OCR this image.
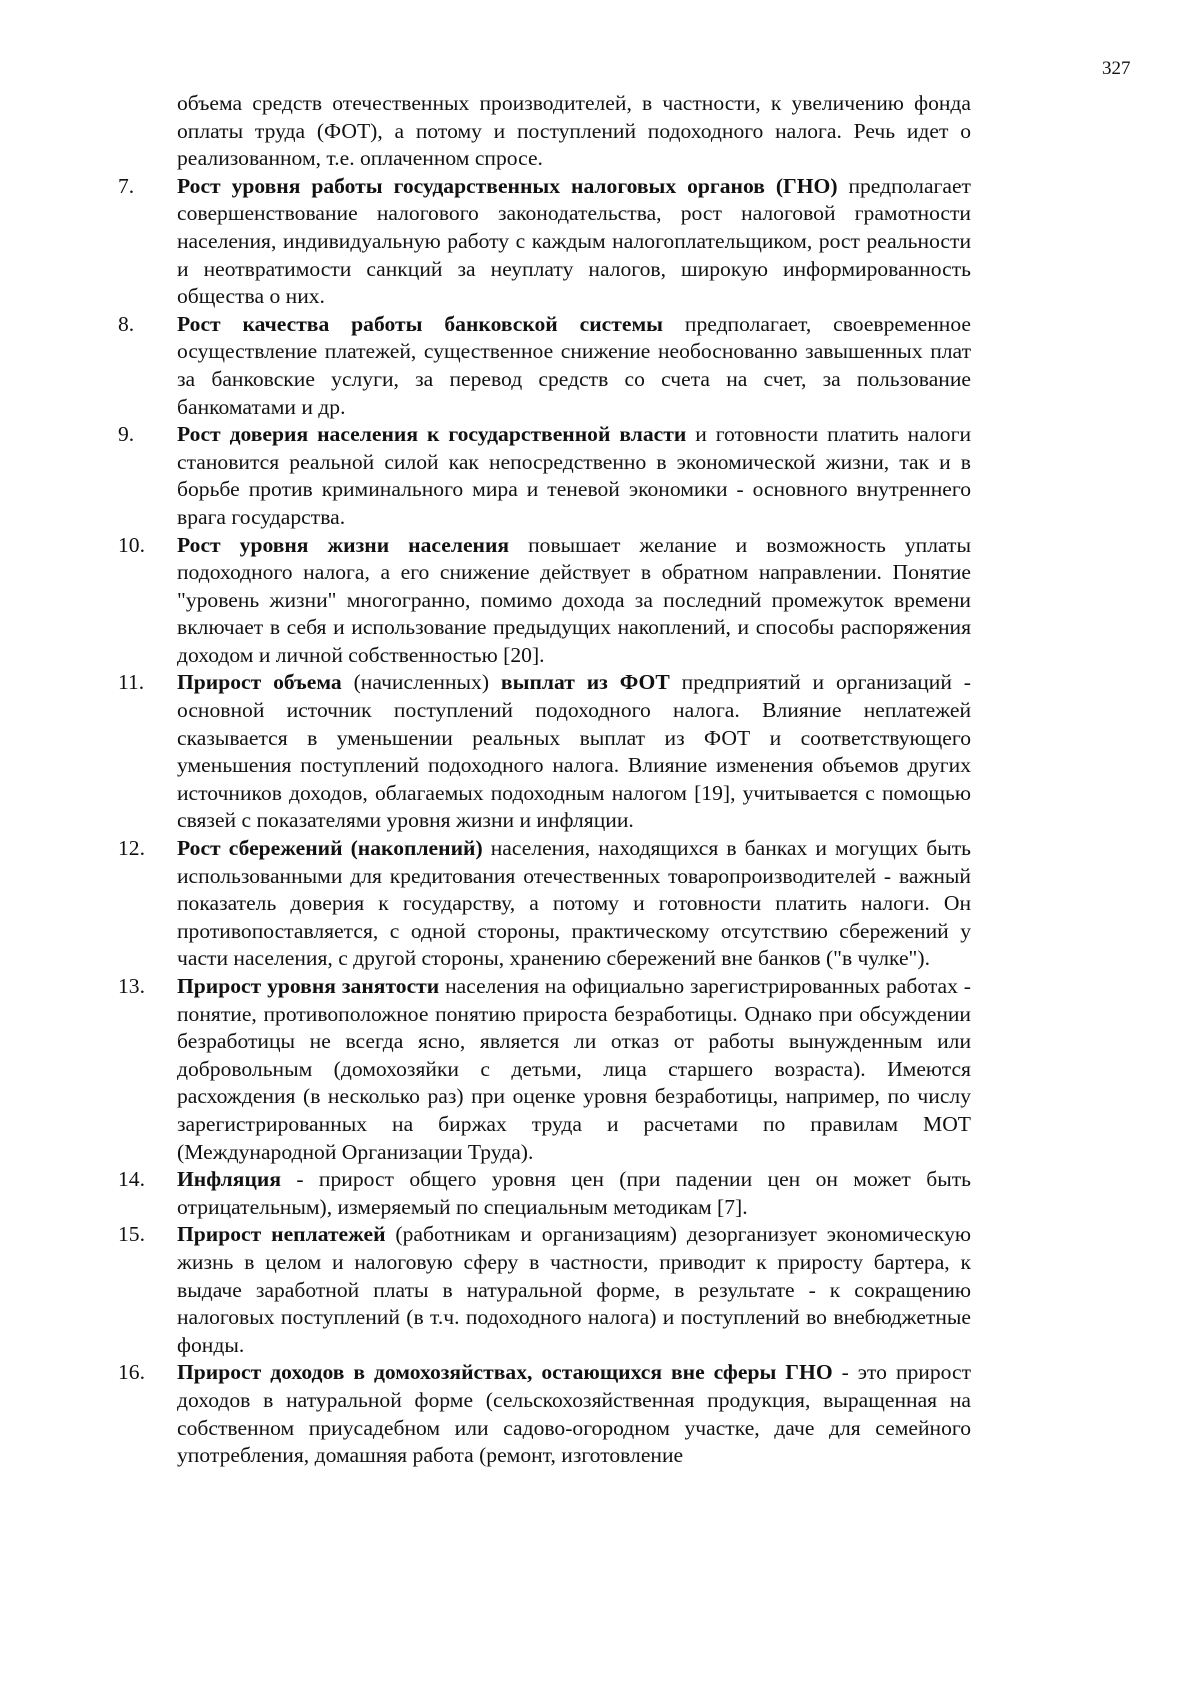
327

объема средств отечественных производителей, в частности, к увеличению фонда оплаты труда (ФОТ), а потому и поступлений подоходного налога. Речь идет о реализованном, т.е. оплаченном спросе.

7. Рост уровня работы государственных налоговых органов (ГНО) предполагает совершенствование налогового законодательства, рост налоговой грамотности населения, индивидуальную работу с каждым налогоплательщиком, рост реальности и неотвратимости санкций за неуплату налогов, широкую информированность общества о них.
8. Рост качества работы банковской системы предполагает, своевременное осуществление платежей, существенное снижение необоснованно завышенных плат за банковские услуги, за перевод средств со счета на счет, за пользование банкоматами и др.
9. Рост доверия населения к государственной власти и готовности платить налоги становится реальной силой как непосредственно в экономической жизни, так и в борьбе против криминального мира и теневой экономики - основного внутреннего врага государства.
10. Рост уровня жизни населения повышает желание и возможность уплаты подоходного налога, а его снижение действует в обратном направлении. Понятие "уровень жизни" многогранно, помимо дохода за последний промежуток времени включает в себя и использование предыдущих накоплений, и способы распоряжения доходом и личной собственностью [20].
11. Прирост объема (начисленных) выплат из ФОТ предприятий и организаций - основной источник поступлений подоходного налога. Влияние неплатежей сказывается в уменьшении реальных выплат из ФОТ и соответствующего уменьшения поступлений подоходного налога. Влияние изменения объемов других источников доходов, облагаемых подоходным налогом [19], учитывается с помощью связей с показателями уровня жизни и инфляции.
12. Рост сбережений (накоплений) населения, находящихся в банках и могущих быть использованными для кредитования отечественных товаропроизводителей - важный показатель доверия к государству, а потому и готовности платить налоги. Он противопоставляется, с одной стороны, практическому отсутствию сбережений у части населения, с другой стороны, хранению сбережений вне банков ("в чулке").
13. Прирост уровня занятости населения на официально зарегистрированных работах - понятие, противоположное понятию прироста безработицы. Однако при обсуждении безработицы не всегда ясно, является ли отказ от работы вынужденным или добровольным (домохозяйки с детьми, лица старшего возраста). Имеются расхождения (в несколько раз) при оценке уровня безработицы, например, по числу зарегистрированных на биржах труда и расчетами по правилам МОТ (Международной Организации Труда).
14. Инфляция - прирост общего уровня цен (при падении цен он может быть отрицательным), измеряемый по специальным методикам [7].
15. Прирост неплатежей (работникам и организациям) дезорганизует экономическую жизнь в целом и налоговую сферу в частности, приводит к приросту бартера, к выдаче заработной платы в натуральной форме, в результате - к сокращению налоговых поступлений (в т.ч. подоходного налога) и поступлений во внебюджетные фонды.
16. Прирост доходов в домохозяйствах, остающихся вне сферы ГНО - это прирост доходов в натуральной форме (сельскохозяйственная продукция, выращенная на собственном приусадебном или садово-огородном участке, даче для семейного употребления, домашняя работа (ремонт, изготовление
